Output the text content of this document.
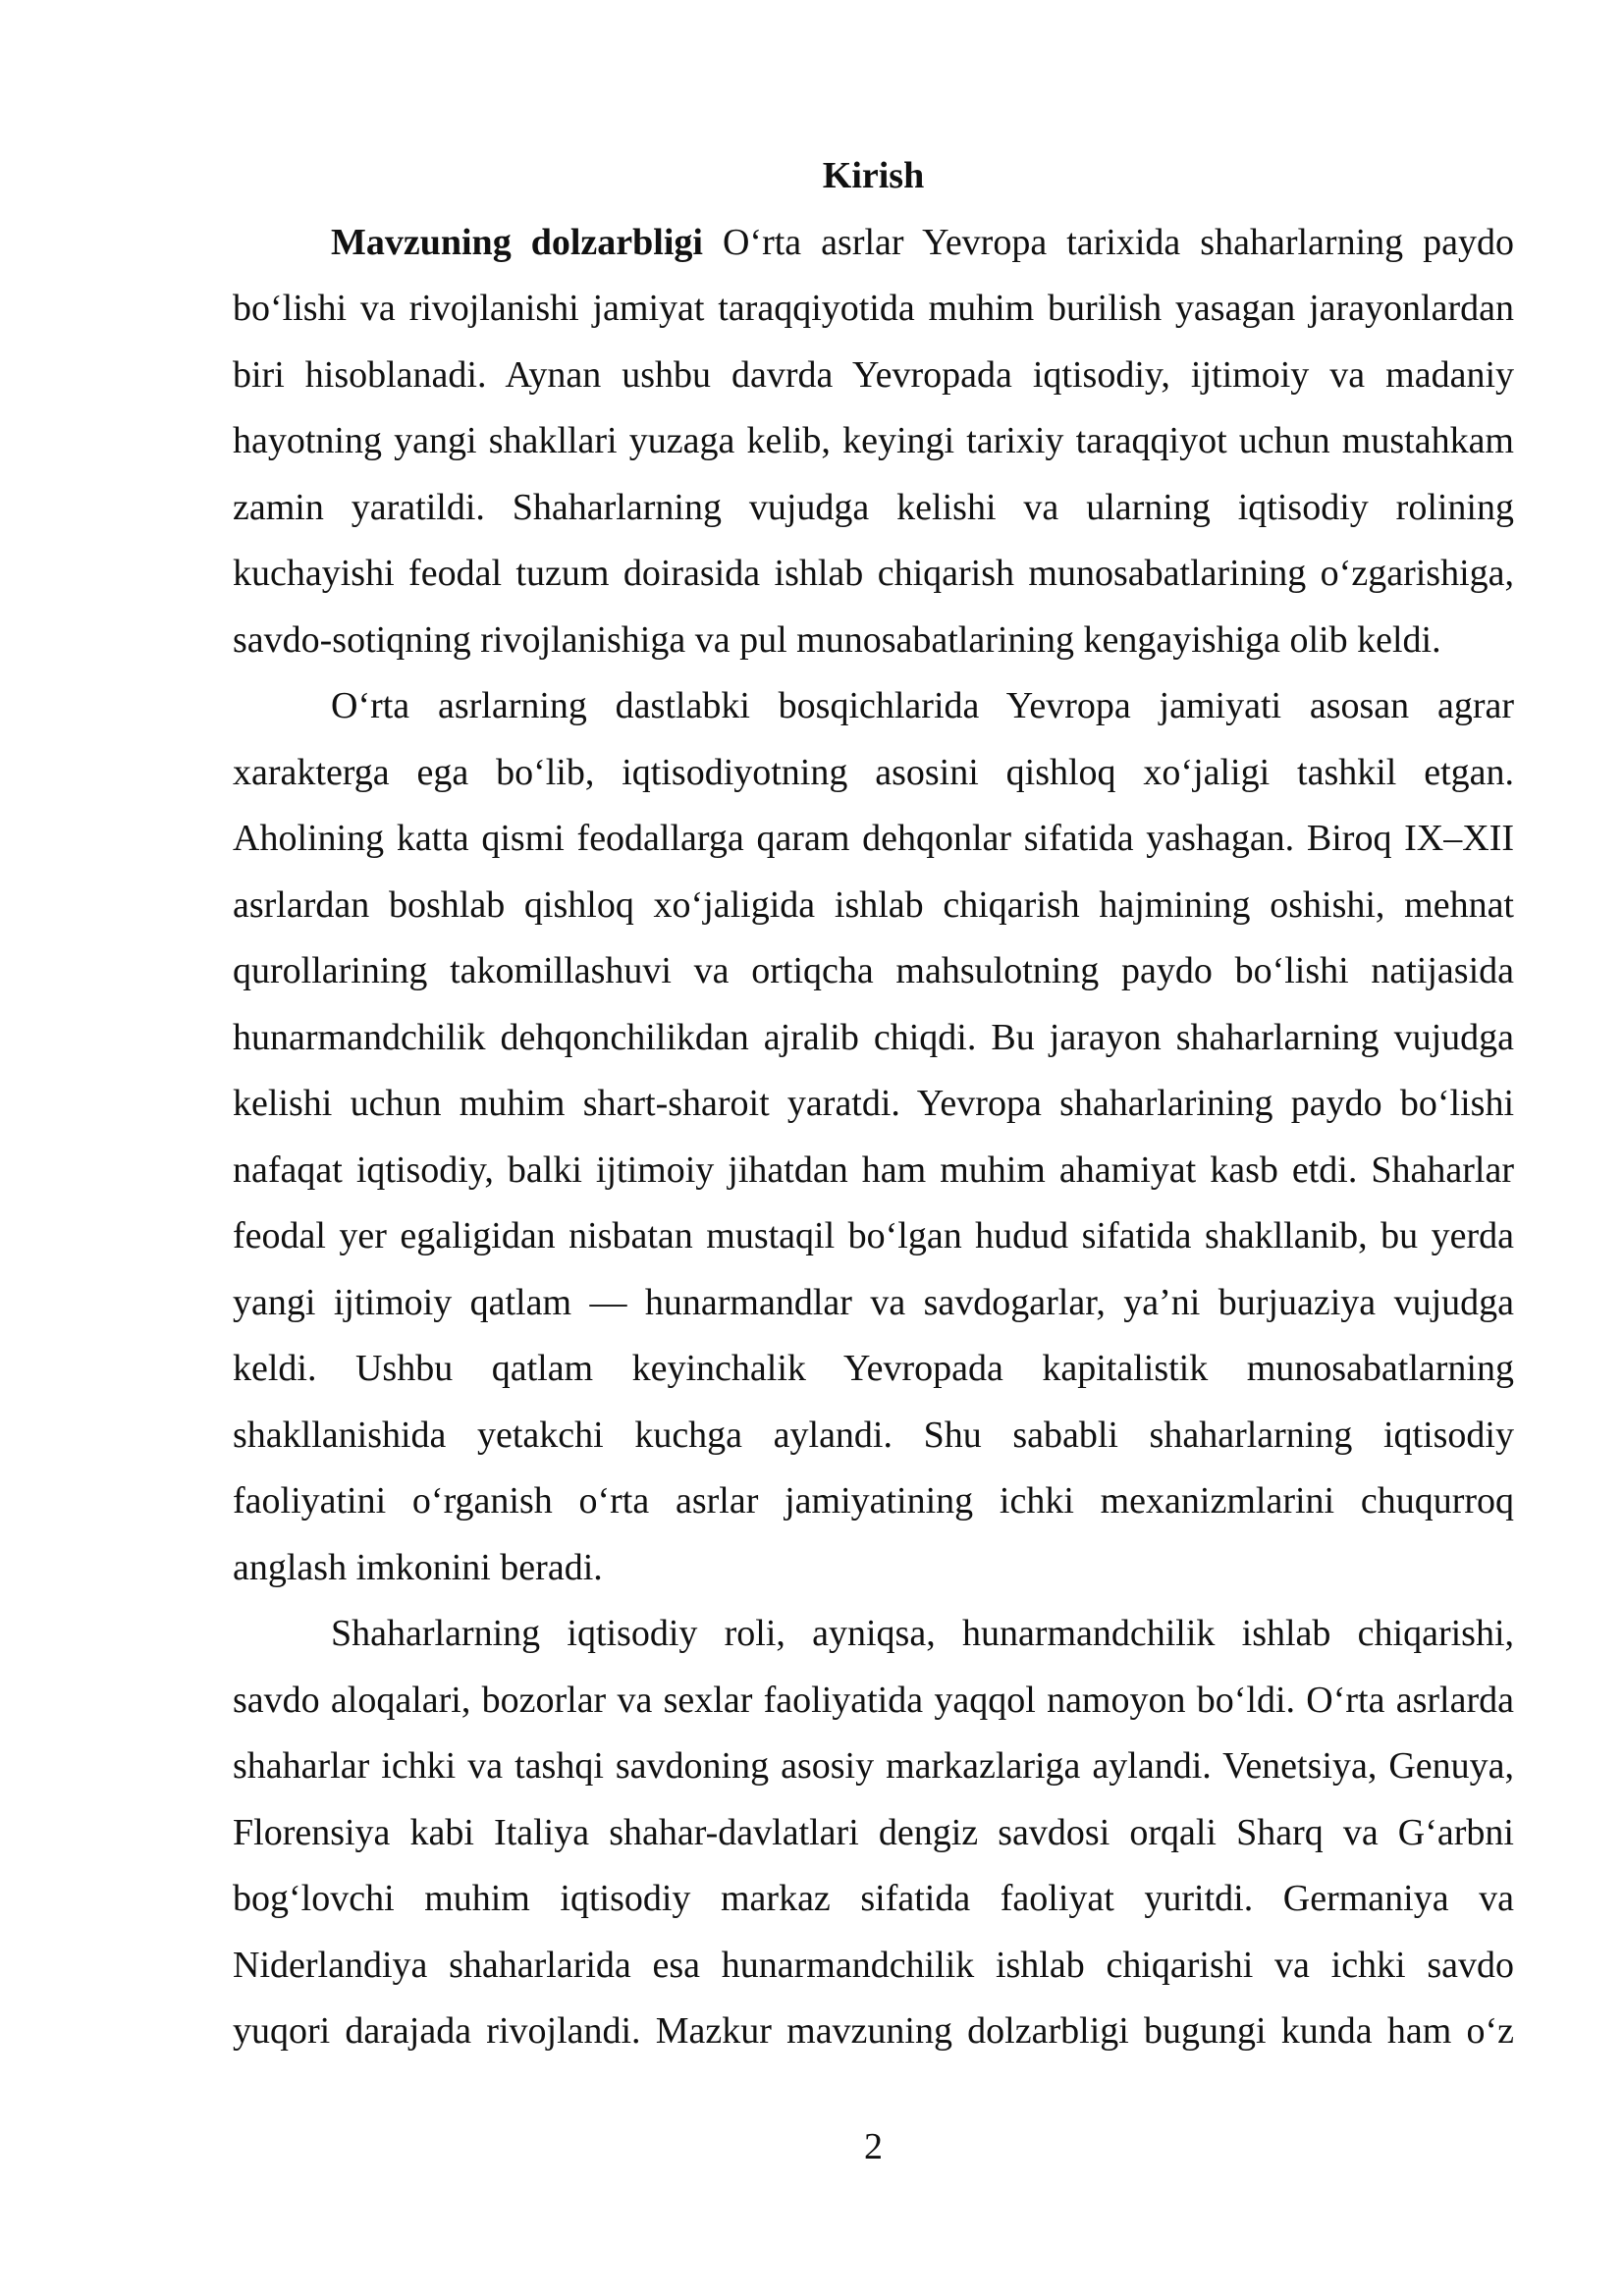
Kirish
Mavzuning dolzarbligi O‘rta asrlar Yevropa tarixida shaharlarning paydo
bo‘lishi va rivojlanishi jamiyat taraqqiyotida muhim burilish yasagan jarayonlardan
biri hisoblanadi. Aynan ushbu davrda Yevropada iqtisodiy, ijtimoiy va madaniy
hayotning yangi shakllari yuzaga kelib, keyingi tarixiy taraqqiyot uchun mustahkam
zamin yaratildi. Shaharlarning vujudga kelishi va ularning iqtisodiy rolining
kuchayishi feodal tuzum doirasida ishlab chiqarish munosabatlarining o‘zgarishiga,
savdo-sotiqning rivojlanishiga va pul munosabatlarining kengayishiga olib keldi.
O‘rta asrlarning dastlabki bosqichlarida Yevropa jamiyati asosan agrar
xarakterga ega bo‘lib, iqtisodiyotning asosini qishloq xo‘jaligi tashkil etgan.
Aholining katta qismi feodallarga qaram dehqonlar sifatida yashagan. Biroq IX–XII
asrlardan boshlab qishloq xo‘jaligida ishlab chiqarish hajmining oshishi, mehnat
qurollarining takomillashuvi va ortiqcha mahsulotning paydo bo‘lishi natijasida
hunarmandchilik dehqonchilikdan ajralib chiqdi. Bu jarayon shaharlarning vujudga
kelishi uchun muhim shart-sharoit yaratdi. Yevropa shaharlarining paydo bo‘lishi
nafaqat iqtisodiy, balki ijtimoiy jihatdan ham muhim ahamiyat kasb etdi. Shaharlar
feodal yer egaligidan nisbatan mustaqil bo‘lgan hudud sifatida shakllanib, bu yerda
yangi ijtimoiy qatlam — hunarmandlar va savdogarlar, ya’ni burjuaziya vujudga
keldi. Ushbu qatlam keyinchalik Yevropada kapitalistik munosabatlarning
shakllanishida yetakchi kuchga aylandi. Shu sababli shaharlarning iqtisodiy
faoliyatini o‘rganish o‘rta asrlar jamiyatining ichki mexanizmlarini chuqurroq
anglash imkonini beradi.
Shaharlarning iqtisodiy roli, ayniqsa, hunarmandchilik ishlab chiqarishi,
savdo aloqalari, bozorlar va sexlar faoliyatida yaqqol namoyon bo‘ldi. O‘rta asrlarda
shaharlar ichki va tashqi savdoning asosiy markazlariga aylandi. Venetsiya, Genuya,
Florensiya kabi Italiya shahar-davlatlari dengiz savdosi orqali Sharq va G‘arbni
bog‘lovchi muhim iqtisodiy markaz sifatida faoliyat yuritdi. Germaniya va
Niderlandiya shaharlarida esa hunarmandchilik ishlab chiqarishi va ichki savdo
yuqori darajada rivojlandi. Mazkur mavzuning dolzarbligi bugungi kunda ham o‘z
2
